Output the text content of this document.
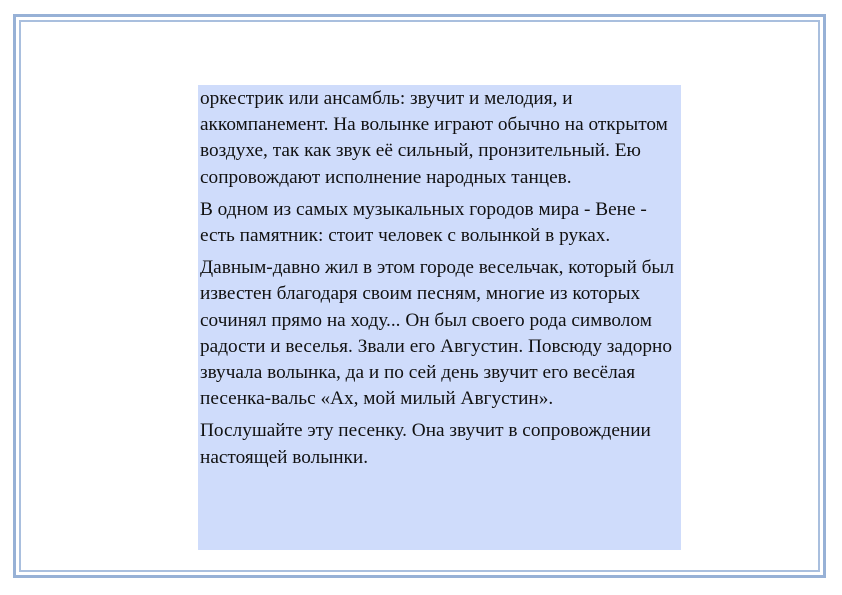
оркестрик или ансамбль: звучит и мелодия, и аккомпанемент. На волынке играют обычно на открытом воздухе, так как звук её сильный, пронзительный. Ею сопровождают исполнение народных танцев.

В одном из самых музыкальных городов мира - Вене - есть памятник: стоит человек с волынкой в руках.

Давным-давно жил в этом городе весельчак, который был известен благодаря своим песням, многие из которых сочинял прямо на ходу... Он был своего рода символом радости и веселья. Звали его Августин. Повсюду задорно звучала волынка, да и по сей день звучит его весёлая песенка-вальс «Ах, мой милый Августин».

Послушайте эту песенку. Она звучит в сопровождении настоящей волынки.
